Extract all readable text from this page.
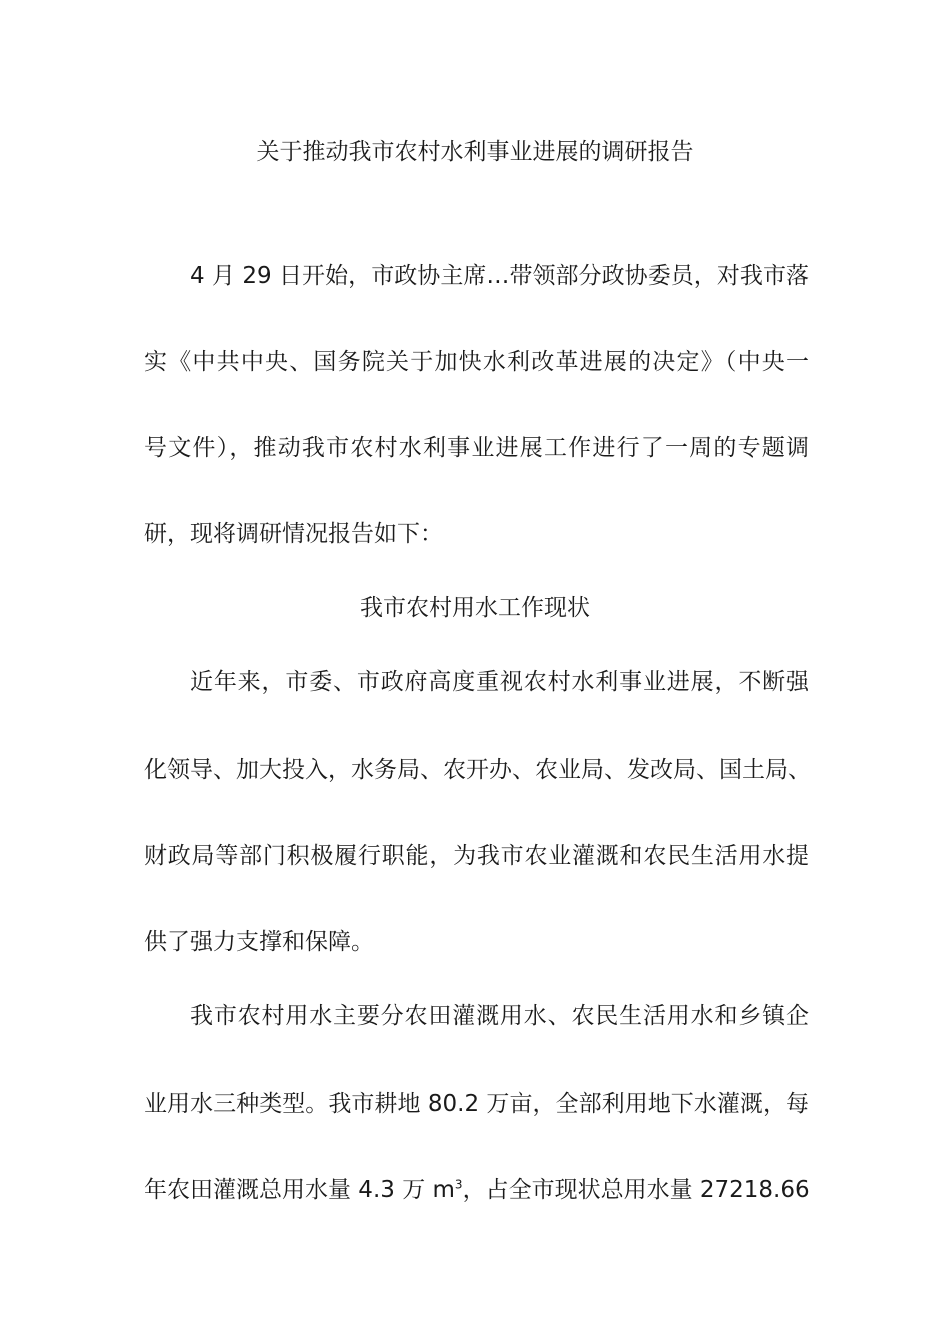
关于推动我市农村水利事业进展的调研报告
4 月 29 日开始，市政协主席…带领部分政协委员，对我市落
实《中共中央、国务院关于加快水利改革进展的决定》（中央一
号文件），推动我市农村水利事业进展工作进行了一周的专题调
研，现将调研情况报告如下：
我市农村用水工作现状
近年来，市委、市政府高度重视农村水利事业进展，不断强
化领导、加大投入，水务局、农开办、农业局、发改局、国土局、
财政局等部门积极履行职能，为我市农业灌溉和农民生活用水提
供了强力支撑和保障。
我市农村用水主要分农田灌溉用水、农民生活用水和乡镇企
业用水三种类型。我市耕地 80.2 万亩，全部利用地下水灌溉，每
年农田灌溉总用水量 4.3 万 $m^3$，占全市现状总用水量 27218.66
